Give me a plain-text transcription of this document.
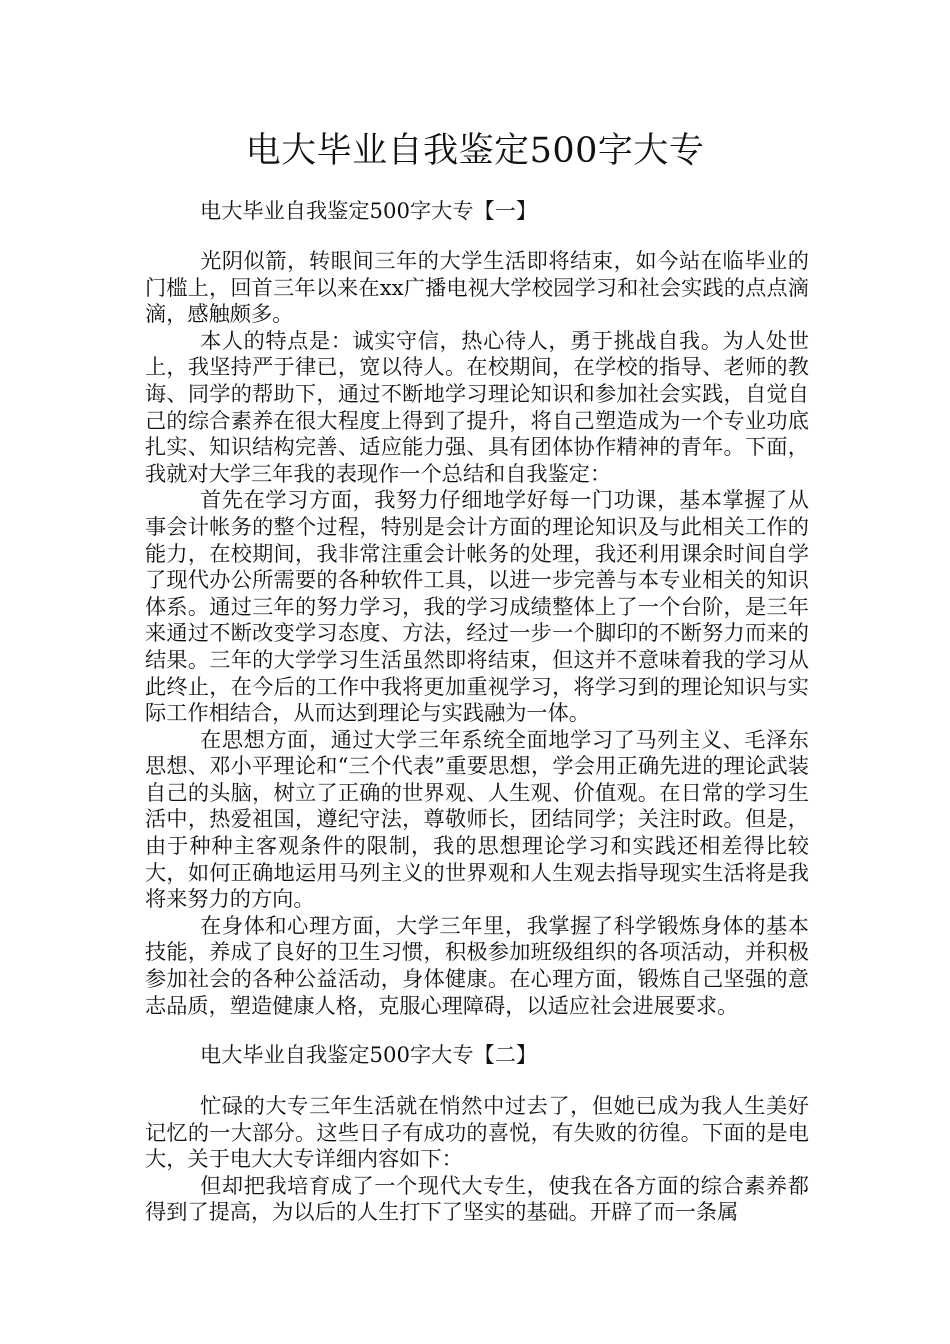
电大毕业自我鉴定500字大专
电大毕业自我鉴定500字大专【一】

光阴似箭，转眼间三年的大学生活即将结束，如今站在临毕业的门槛上，回首三年以来在xx广播电视大学校园学习和社会实践的点点滴滴，感触颇多。

本人的特点是：诚实守信，热心待人，勇于挑战自我。为人处世上，我坚持严于律已，宽以待人。在校期间，在学校的指导、老师的教诲、同学的帮助下，通过不断地学习理论知识和参加社会实践，自觉自己的综合素养在很大程度上得到了提升，将自己塑造成为一个专业功底扎实、知识结构完善、适应能力强、具有团体协作精神的青年。下面，我就对大学三年我的表现作一个总结和自我鉴定：

首先在学习方面，我努力仔细地学好每一门功课，基本掌握了从事会计帐务的整个过程，特别是会计方面的理论知识及与此相关工作的能力，在校期间，我非常注重会计帐务的处理，我还利用课余时间自学了现代办公所需要的各种软件工具，以进一步完善与本专业相关的知识体系。通过三年的努力学习，我的学习成绩整体上了一个台阶，是三年来通过不断改变学习态度、方法，经过一步一个脚印的不断努力而来的结果。三年的大学学习生活虽然即将结束，但这并不意味着我的学习从此终止，在今后的工作中我将更加重视学习，将学习到的理论知识与实际工作相结合，从而达到理论与实践融为一体。

在思想方面，通过大学三年系统全面地学习了马列主义、毛泽东思想、邓小平理论和“三个代表”重要思想，学会用正确先进的理论武装自己的头脑，树立了正确的世界观、人生观、价值观。在日常的学习生活中，热爱祖国，遵纪守法，尊敬师长，团结同学；关注时政。但是，由于种种主客观条件的限制，我的思想理论学习和实践还相差得比较大，如何正确地运用马列主义的世界观和人生观去指导现实生活将是我将来努力的方向。

在身体和心理方面，大学三年里，我掌握了科学锻炼身体的基本技能，养成了良好的卫生习惯，积极参加班级组织的各项活动，并积极参加社会的各种公益活动，身体健康。在心理方面，锻炼自己坚强的意志品质，塑造健康人格，克服心理障碍，以适应社会进展要求。

电大毕业自我鉴定500字大专【二】

忙碌的大专三年生活就在悄然中过去了，但她已成为我人生美好记忆的一大部分。这些日子有成功的喜悦，有失败的彷徨。下面的是电大，关于电大大专详细内容如下：

但却把我培育成了一个现代大专生，使我在各方面的综合素养都得到了提高，为以后的人生打下了坚实的基础。开辟了而一条属
